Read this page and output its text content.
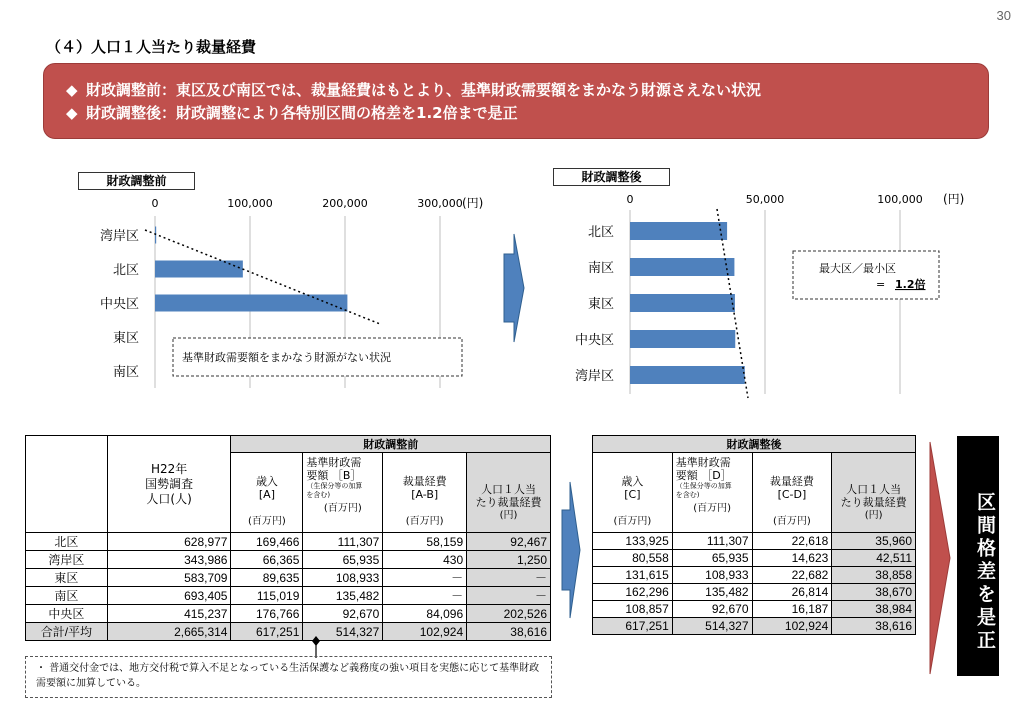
30
（４）人口１人当たり裁量経費
◆ 財政調整前：東区及び南区では、裁量経費はもとより、基準財政需要額をまかなう財源さえない状況
◆ 財政調整後：財政調整により各特別区間の格差を1.2倍まで是正
財政調整前
0	100,000	200,000	300,000
湾岸区
北区
中央区
東区
南区
(円)
基準財政需要額をまかなう財源がない状況
財政調整後
0	50,000	100,000
北区
南区
東区
中央区
湾岸区
(円)
最大区／最小区
= 1.2倍

	H22年
国勢調査
人口(人)	財政調整前			

		歳入
[A]
(百万円)	基準財政需
要額 ［B］
（生保分等の加算
を含む)
(百万円)	裁量経費
[A-B]
(百万円)	人口１人当
たり裁量経費
(円)

北区	628,977	169,466	111,307	58,159	92,467
湾岸区	343,986	66,365	65,935	430	1,250
東区	583,709	89,635	108,933	－	－
南区	693,405	115,019	135,482	－	－
中央区	415,237	176,766	92,670	84,096	202,526
合計/平均	2,665,314	617,251	514,327	102,924	38,616
財政調整後			

歳入
[C]
(百万円)	基準財政需
要額 ［D］
（生保分等の加算
を含む)
(百万円)	裁量経費
[C-D]
(百万円)	人口１人当
たり裁量経費
(円)

133,925	111,307	22,618	35,960
80,558	65,935	14,623	42,511
131,615	108,933	22,682	38,858
162,296	135,482	26,814	38,670
108,857	92,670	16,187	38,984
617,251	514,327	102,924	38,616	区間格差を是正
・ 普通交付金では、地方交付税で算入不足となっている生活保護など義務度の強い項目を実態に応じて基準財政需要額に加算している。
